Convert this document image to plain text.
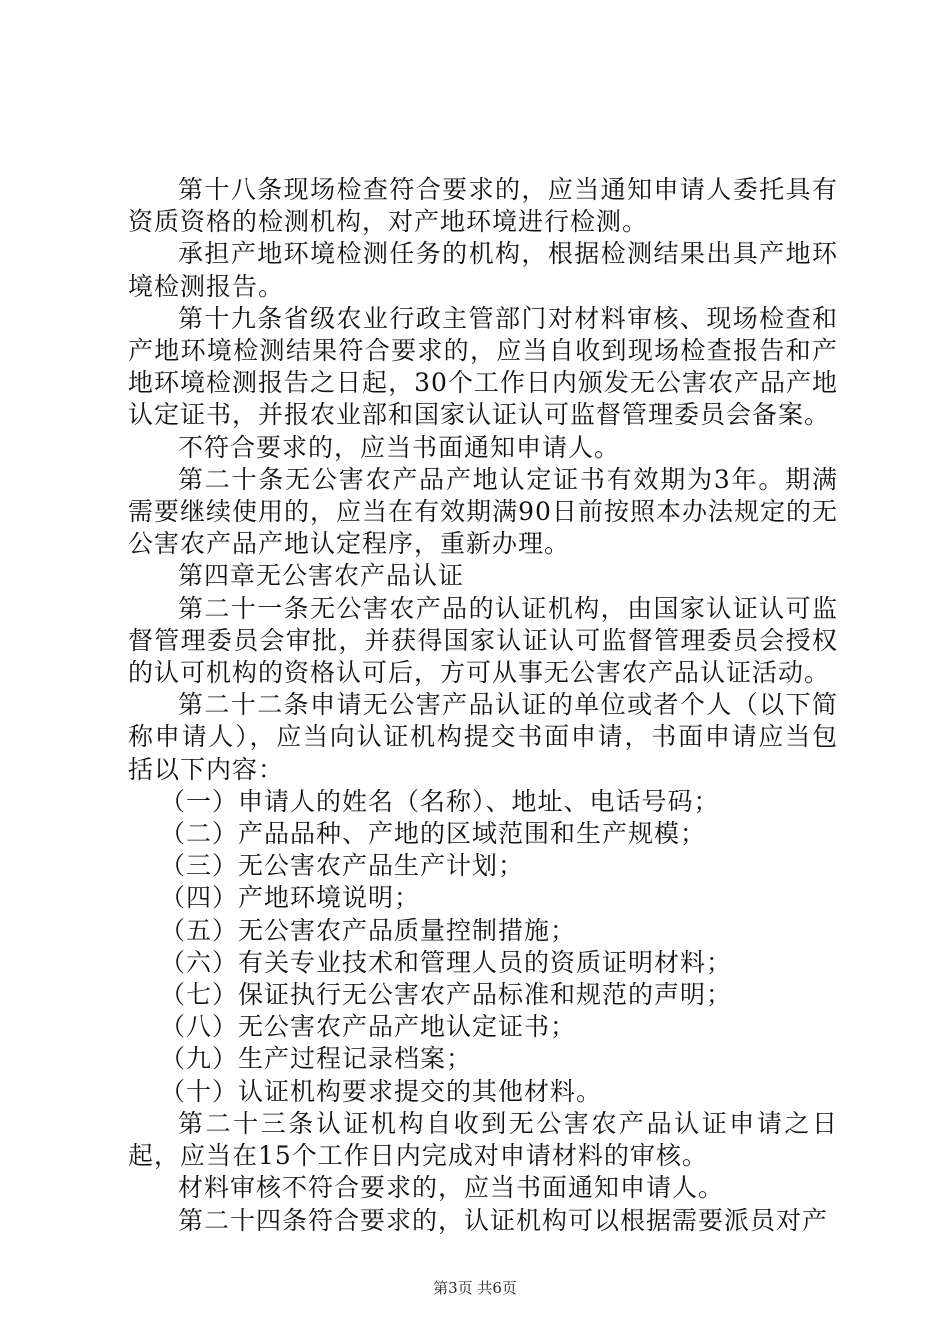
第十八条现场检查符合要求的，应当通知申请人委托具有资质资格的检测机构，对产地环境进行检测。

承担产地环境检测任务的机构，根据检测结果出具产地环境检测报告。

第十九条省级农业行政主管部门对材料审核、现场检查和产地环境检测结果符合要求的，应当自收到现场检查报告和产地环境检测报告之日起，30个工作日内颁发无公害农产品产地认定证书，并报农业部和国家认证认可监督管理委员会备案。

不符合要求的，应当书面通知申请人。

第二十条无公害农产品产地认定证书有效期为3年。期满需要继续使用的，应当在有效期满90日前按照本办法规定的无公害农产品产地认定程序，重新办理。

第四章无公害农产品认证

第二十一条无公害农产品的认证机构，由国家认证认可监督管理委员会审批，并获得国家认证认可监督管理委员会授权的认可机构的资格认可后，方可从事无公害农产品认证活动。

第二十二条申请无公害产品认证的单位或者个人（以下简称申请人），应当向认证机构提交书面申请，书面申请应当包括以下内容：

（一）申请人的姓名（名称）、地址、电话号码；

（二）产品品种、产地的区域范围和生产规模；

（三）无公害农产品生产计划；

（四）产地环境说明；

（五）无公害农产品质量控制措施；

（六）有关专业技术和管理人员的资质证明材料；

（七）保证执行无公害农产品标准和规范的声明；

（八）无公害农产品产地认定证书；

（九）生产过程记录档案；

（十）认证机构要求提交的其他材料。

第二十三条认证机构自收到无公害农产品认证申请之日起，应当在15个工作日内完成对申请材料的审核。

材料审核不符合要求的，应当书面通知申请人。

第二十四条符合要求的，认证机构可以根据需要派员对产

第3页 共6页
